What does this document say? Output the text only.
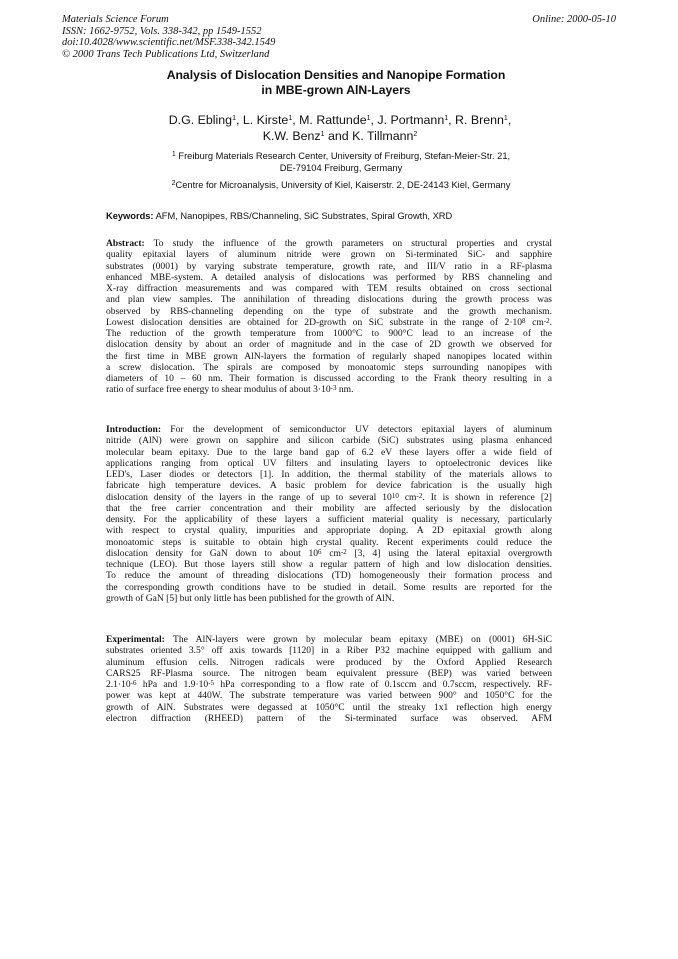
Materials Science Forum
ISSN: 1662-9752, Vols. 338-342, pp 1549-1552
doi:10.4028/www.scientific.net/MSF.338-342.1549
© 2000 Trans Tech Publications Ltd, Switzerland
Online: 2000-05-10
Analysis of Dislocation Densities and Nanopipe Formation
in MBE-grown AlN-Layers
D.G. Ebling$^1$, L. Kirste$^1$, M. Rattunde$^1$, J. Portmann$^1$, R. Brenn$^1$,
K.W. Benz$^1$ and K. Tillmann$^2$
$^1$ Freiburg Materials Research Center, University of Freiburg, Stefan-Meier-Str. 21,
DE-79104 Freiburg, Germany
$^2$Centre for Microanalysis, University of Kiel, Kaiserstr. 2, DE-24143 Kiel, Germany
Keywords: AFM, Nanopipes, RBS/Channeling, SiC Substrates, Spiral Growth, XRD
Abstract: To study the influence of the growth parameters on structural properties and crystal
quality epitaxial layers of aluminum nitride were grown on Si-terminated SiC- and sapphire
substrates (0001) by varying substrate temperature, growth rate, and III/V ratio in a RF-plasma
enhanced MBE-system. A detailed analysis of dislocations was performed by RBS channeling and
X-ray diffraction measurements and was compared with TEM results obtained on cross sectional
and plan view samples. The annihilation of threading dislocations during the growth process was
observed by RBS-channeling depending on the type of substrate and the growth mechanism.
Lowest dislocation densities are obtained for 2D-growth on SiC substrate in the range of $2\cdot 10^8$ $cm^{-2}$.
The reduction of the growth temperature from 1000°C to 900°C lead to an increase of the
dislocation density by about an order of magnitude and in the case of 2D growth we observed for
the first time in MBE grown AlN-layers the formation of regularly shaped nanopipes located within
a screw dislocation. The spirals are composed by monoatomic steps surrounding nanopipes with
diameters of 10 – 60 nm. Their formation is discussed according to the Frank theory resulting in a
ratio of surface free energy to shear modulus of about $3\cdot 10^{-3}$ nm.
Introduction: For the development of semiconductor UV detectors epitaxial layers of aluminum
nitride (AlN) were grown on sapphire and silicon carbide (SiC) substrates using plasma enhanced
molecular beam epitaxy. Due to the large band gap of 6.2 eV these layers offer a wide field of
applications ranging from optical UV filters and insulating layers to optoelectronic devices like
LED's, Laser diodes or detectors [1]. In addition, the thermal stability of the materials allows to
fabricate high temperature devices. A basic problem for device fabrication is the usually high
dislocation density of the layers in the range of up to several $10^{10}$ $cm^{-2}$. It is shown in reference [2]
that the free carrier concentration and their mobility are affected seriously by the dislocation
density. For the applicability of these layers a sufficient material quality is necessary, particularly
with respect to crystal quality, impurities and appropriate doping. A 2D epitaxial growth along
monoatomic steps is suitable to obtain high crystal quality. Recent experiments could reduce the
dislocation density for GaN down to about $10^6$ $cm^{-2}$ [3, 4] using the lateral epitaxial overgrowth
technique (LEO). But those layers still show a regular pattern of high and low dislocation densities.
To reduce the amount of threading dislocations (TD) homogeneously their formation process and
the corresponding growth conditions have to be studied in detail. Some results are reported for the
growth of GaN [5] but only little has been published for the growth of AlN.
Experimental: The AlN-layers were grown by molecular beam epitaxy (MBE) on (0001) 6H-SiC
substrates oriented 3.5° off axis towards [1120] in a Riber P32 machine equipped with gallium and
aluminum effusion cells. Nitrogen radicals were produced by the Oxford Applied Research
CARS25 RF-Plasma source. The nitrogen beam equivalent pressure (BEP) was varied between
$2.1\cdot 10^{-6}$ hPa and $1.9\cdot 10^{-5}$ hPa corresponding to a flow rate of 0.1sccm and 0.7sccm, respectively. RF-
power was kept at 440W. The substrate temperature was varied between 900° and 1050°C for the
growth of AlN. Substrates were degassed at 1050°C until the streaky 1x1 reflection high energy
electron diffraction (RHEED) pattern of the Si-terminated surface was observed. AFM
